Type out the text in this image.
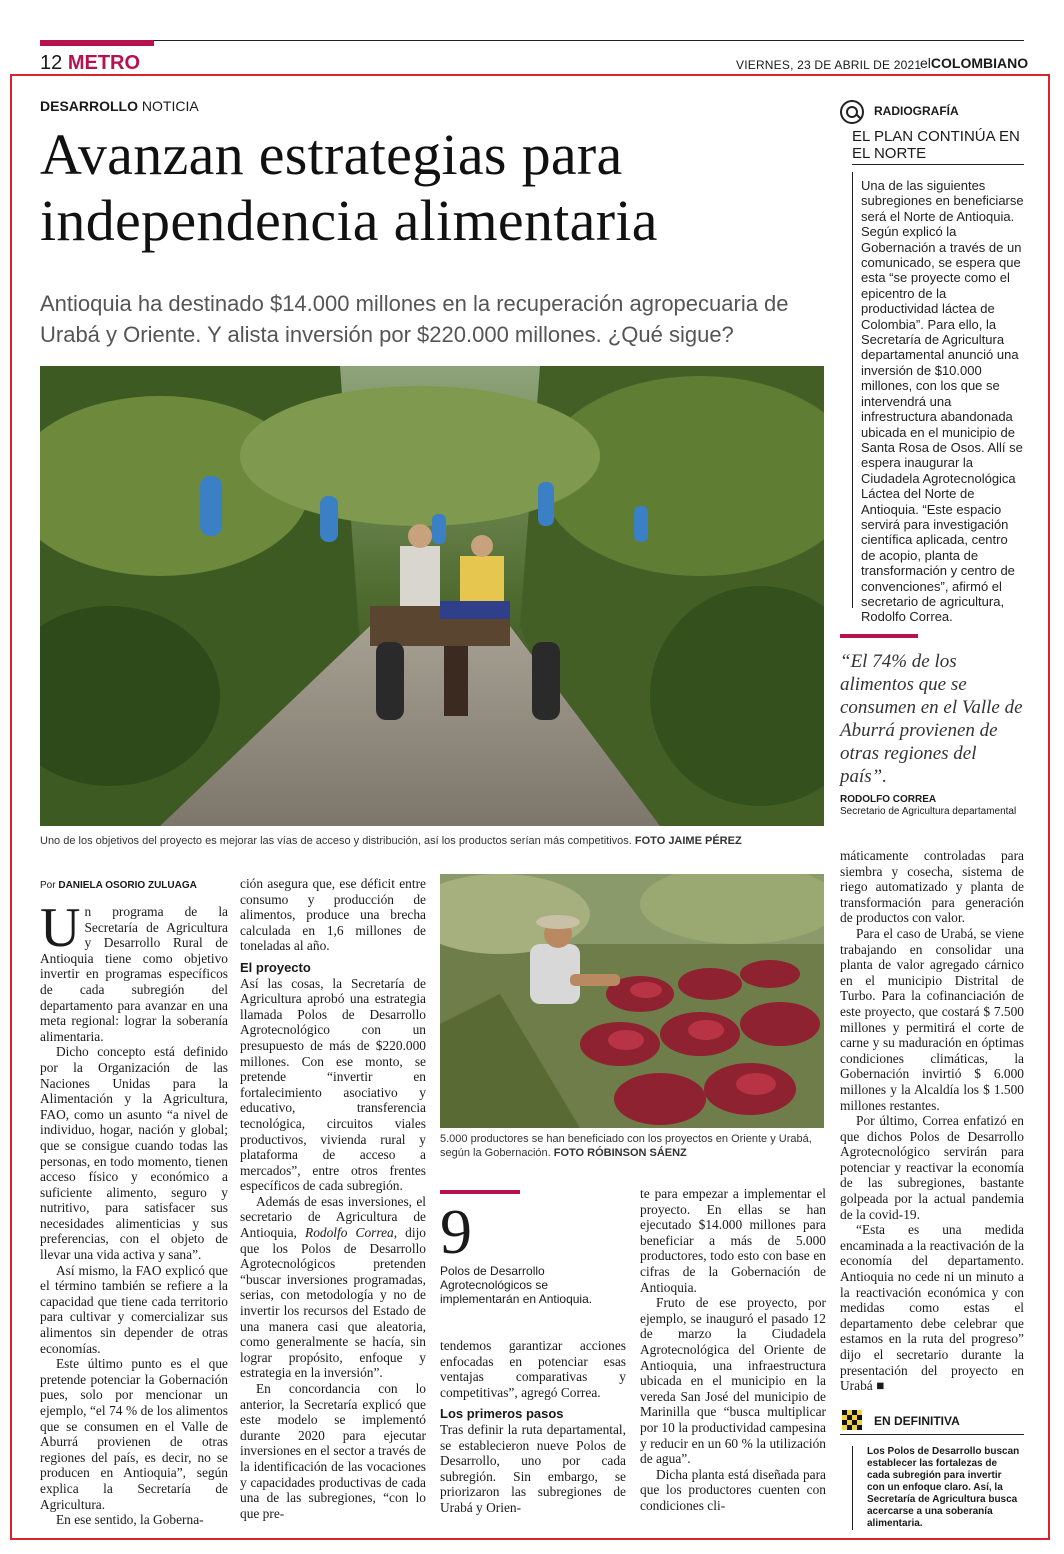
12 METRO	VIERNES, 23 DE ABRIL DE 2021
elCOLOMBIANO
DESARROLLO NOTICIA
Avanzan estrategias para independencia alimentaria
Antioquia ha destinado $14.000 millones en la recuperación agropecuaria de Urabá y Oriente. Y alista inversión por $220.000 millones. ¿Qué sigue?
Uno de los objetivos del proyecto es mejorar las vías de acceso y distribución, así los productos serían más competitivos. FOTO JAIME PÉREZ
Por DANIELA OSORIO ZULUAGA

Un programa de la Secretaría de Agricultura y Desarrollo Rural de Antioquia tiene como objetivo invertir en programas específicos de cada subregión del departamento para avanzar en una meta regional: lograr la soberanía alimentaria.

Dicho concepto está definido por la Organización de las Naciones Unidas para la Alimentación y la Agricultura, FAO, como un asunto “a nivel de individuo, hogar, nación y global; que se consigue cuando todas las personas, en todo momento, tienen acceso físico y económico a suficiente alimento, seguro y nutritivo, para satisfacer sus necesidades alimenticias y sus preferencias, con el objeto de llevar una vida activa y sana”.

Así mismo, la FAO explicó que el término también se refiere a la capacidad que tiene cada territorio para cultivar y comercializar sus alimentos sin depender de otras economías.

Este último punto es el que pretende potenciar la Gobernación pues, solo por mencionar un ejemplo, “el 74 % de los alimentos que se consumen en el Valle de Aburrá provienen de otras regiones del país, es decir, no se producen en Antioquia”, según explica la Secretaría de Agricultura.

En ese sentido, la Goberna-

ción asegura que, ese déficit entre consumo y producción de alimentos, produce una brecha calculada en 1,6 millones de toneladas al año.

El proyecto

Así las cosas, la Secretaría de Agricultura aprobó una estrategia llamada Polos de Desarrollo Agrotecnológico con un presupuesto de más de $220.000 millones. Con ese monto, se pretende “invertir en fortalecimiento asociativo y educativo, transferencia tecnológica, circuitos viales productivos, vivienda rural y plataforma de acceso a mercados”, entre otros frentes específicos de cada subregión.

Además de esas inversiones, el secretario de Agricultura de Antioquia, Rodolfo Correa, dijo que los Polos de Desarrollo Agrotecnológicos pretenden “buscar inversiones programadas, serias, con metodología y no de invertir los recursos del Estado de una manera casi que aleatoria, como generalmente se hacía, sin lograr propósito, enfoque y estrategia en la inversión”.

En concordancia con lo anterior, la Secretaría explicó que este modelo se implementó durante 2020 para ejecutar inversiones en el sector a través de la identificación de las vocaciones y capacidades productivas de cada una de las subregiones, “con lo que pre-

5.000 productores se han beneficiado con los proyectos en Oriente y Urabá, según la Gobernación. FOTO RÓBINSON SÁENZ
9
Polos de Desarrollo Agrotecnológicos se implementarán en Antioquia.

tendemos garantizar acciones enfocadas en potenciar esas ventajas comparativas y competitivas”, agregó Correa.

Los primeros pasos

Tras definir la ruta departamental, se establecieron nueve Polos de Desarrollo, uno por cada subregión. Sin embargo, se priorizaron las subregiones de Urabá y Orien-

te para empezar a implementar el proyecto. En ellas se han ejecutado $14.000 millones para beneficiar a más de 5.000 productores, todo esto con base en cifras de la Gobernación de Antioquia.

Fruto de ese proyecto, por ejemplo, se inauguró el pasado 12 de marzo la Ciudadela Agrotecnológica del Oriente de Antioquia, una infraestructura ubicada en el municipio en la vereda San José del municipio de Marinilla que “busca multiplicar por 10 la productividad campesina y reducir en un 60 % la utilización de agua”.

Dicha planta está diseñada para que los productores cuenten con condiciones cli-

máticamente controladas para siembra y cosecha, sistema de riego automatizado y planta de transformación para generación de productos con valor.

Para el caso de Urabá, se viene trabajando en consolidar una planta de valor agregado cárnico en el municipio Distrital de Turbo. Para la cofinanciación de este proyecto, que costará $ 7.500 millones y permitirá el corte de carne y su maduración en óptimas condiciones climáticas, la Gobernación invirtió $ 6.000 millones y la Alcaldía los $ 1.500 millones restantes.

Por último, Correa enfatizó en que dichos Polos de Desarrollo Agrotecnológico servirán para potenciar y reactivar la economía de las subregiones, bastante golpeada por la actual pandemia de la covid-19.

“Esta es una medida encaminada a la reactivación de la economía del departamento. Antioquia no cede ni un minuto a la reactivación económica y con medidas como estas el departamento debe celebrar que estamos en la ruta del progreso” dijo el secretario durante la presentación del proyecto en Urabá ■

RADIOGRAFÍA
EL PLAN CONTINÚA EN EL NORTE
Una de las siguientes subregiones en beneficiarse será el Norte de Antioquia. Según explicó la Gobernación a través de un comunicado, se espera que esta “se proyecte como el epicentro de la productividad láctea de Colombia”. Para ello, la Secretaría de Agricultura departamental anunció una inversión de $10.000 millones, con los que se intervendrá una infrestructura abandonada ubicada en el municipio de Santa Rosa de Osos. Allí se espera inaugurar la Ciudadela Agrotecnológica Láctea del Norte de Antioquia. “Este espacio servirá para investigación científica aplicada, centro de acopio, planta de transformación y centro de convenciones”, afirmó el secretario de agricultura, Rodolfo Correa.
“El 74% de los alimentos que se consumen en el Valle de Aburrá provienen de otras regiones del país”.
RODOLFO CORREA
Secretario de Agricultura departamental
EN DEFINITIVA
Los Polos de Desarrollo buscan establecer las fortalezas de cada subregión para invertir con un enfoque claro. Así, la Secretaría de Agricultura busca acercarse a una soberanía alimentaria.
